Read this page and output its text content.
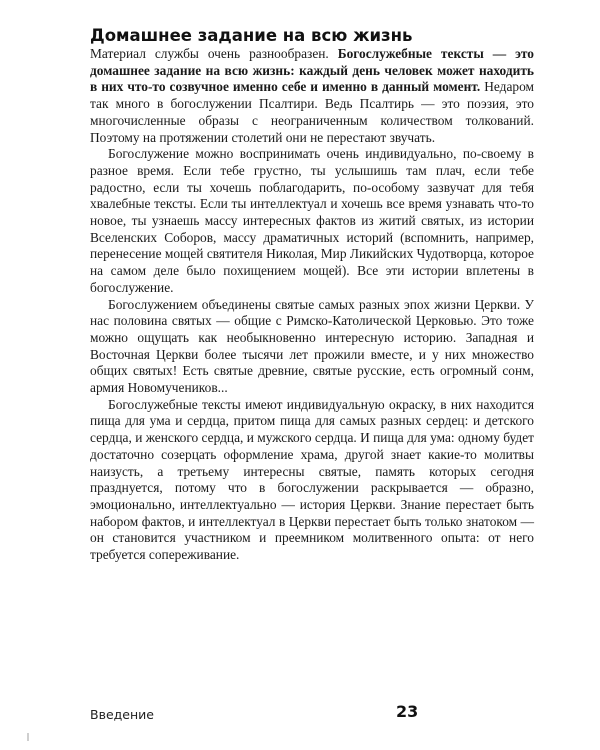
Домашнее задание на всю жизнь

Материал службы очень разнообразен. Богослужебные тексты — это домашнее задание на всю жизнь: каждый день человек может находить в них что-то созвучное именно себе и именно в данный момент. Недаром так много в богослужении Псалтири. Ведь Псалтирь — это поэзия, это многочисленные образы с неограниченным количеством толкований. Поэтому на протяжении столетий они не перестают звучать.

Богослужение можно воспринимать очень индивидуально, по-своему в разное время. Если тебе грустно, ты услышишь там плач, если тебе радостно, если ты хочешь поблагодарить, по-особому зазвучат для тебя хвалебные тексты. Если ты интеллектуал и хочешь все время узнавать что-то новое, ты узнаешь массу интересных фактов из житий святых, из истории Вселенских Соборов, массу драматичных историй (вспомнить, например, перенесение мощей святителя Николая, Мир Ликийских Чудотворца, которое на самом деле было похищением мощей). Все эти истории вплетены в богослужение.

Богослужением объединены святые самых разных эпох жизни Церкви. У нас половина святых — общие с Римско-Католической Церковью. Это тоже можно ощущать как необыкновенно интересную историю. Западная и Восточная Церкви более тысячи лет прожили вместе, и у них множество общих святых! Есть святые древние, святые русские, есть огромный сонм, армия Новомучеников...

Богослужебные тексты имеют индивидуальную окраску, в них находится пища для ума и сердца, притом пища для самых разных сердец: и детского сердца, и женского сердца, и мужского сердца. И пища для ума: одному будет достаточно созерцать оформление храма, другой знает какие-то молитвы наизусть, а третьему интересны святые, память которых сегодня празднуется, потому что в богослужении раскрывается — образно, эмоционально, интеллектуально — история Церкви. Знание перестает быть набором фактов, и интеллектуал в Церкви перестает быть только знатоком — он становится участником и преемником молитвенного опыта: от него требуется сопереживание.

Введение	23
